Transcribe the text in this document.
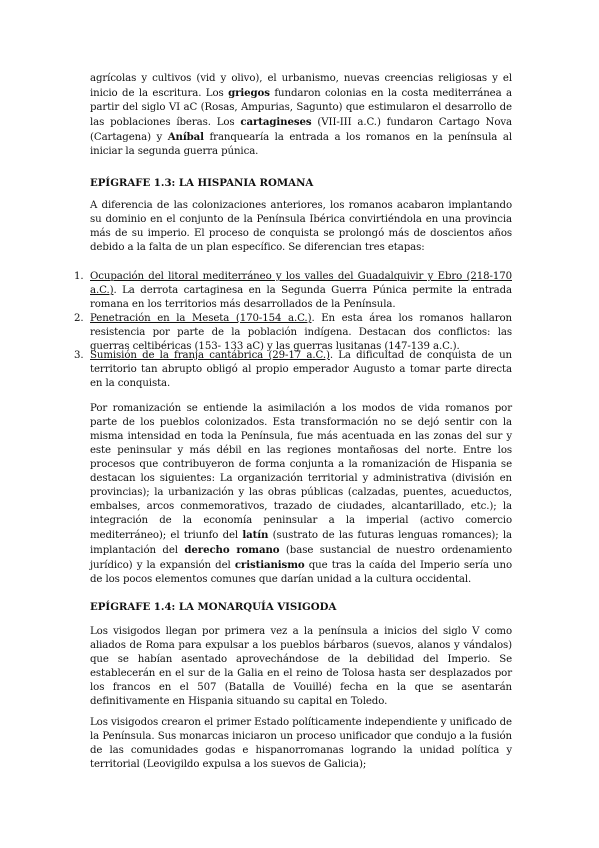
agrícolas y cultivos (vid y olivo), el urbanismo, nuevas creencias religiosas y el inicio de la escritura. Los griegos fundaron colonias en la costa mediterránea a partir del siglo VI aC (Rosas, Ampurias, Sagunto) que estimularon el desarrollo de las poblaciones íberas. Los cartagineses (VII-III a.C.) fundaron Cartago Nova (Cartagena) y Aníbal franquearía la entrada a los romanos en la península al iniciar la segunda guerra púnica.

EPÍGRAFE 1.3: LA HISPANIA ROMANA

A diferencia de las colonizaciones anteriores, los romanos acabaron implantando su dominio en el conjunto de la Península Ibérica convirtiéndola en una provincia más de su imperio. El proceso de conquista se prolongó más de doscientos años debido a la falta de un plan específico. Se diferencian tres etapas:

1. Ocupación del litoral mediterráneo y los valles del Guadalquivir y Ebro (218-170 a.C.). La derrota cartaginesa en la Segunda Guerra Púnica permite la entrada romana en los territorios más desarrollados de la Península.

2. Penetración en la Meseta (170-154 a.C.). En esta área los romanos hallaron resistencia por parte de la población indígena. Destacan dos conflictos: las guerras celtibéricas (153- 133 aC) y las guerras lusitanas (147-139 a.C.).

3. Sumisión de la franja cantábrica (29-17 a.C.). La dificultad de conquista de un territorio tan abrupto obligó al propio emperador Augusto a tomar parte directa en la conquista.

Por romanización se entiende la asimilación a los modos de vida romanos por parte de los pueblos colonizados. Esta transformación no se dejó sentir con la misma intensidad en toda la Península, fue más acentuada en las zonas del sur y este peninsular y más débil en las regiones montañosas del norte. Entre los procesos que contribuyeron de forma conjunta a la romanización de Hispania se destacan los siguientes: La organización territorial y administrativa (división en provincias); la urbanización y las obras públicas (calzadas, puentes, acueductos, embalses, arcos conmemorativos, trazado de ciudades, alcantarillado, etc.); la integración de la economía peninsular a la imperial (activo comercio mediterráneo); el triunfo del latín (sustrato de las futuras lenguas romances); la implantación del derecho romano (base sustancial de nuestro ordenamiento jurídico) y la expansión del cristianismo que tras la caída del Imperio sería uno de los pocos elementos comunes que darían unidad a la cultura occidental.

EPÍGRAFE 1.4: LA MONARQUÍA VISIGODA

Los visigodos llegan por primera vez a la península a inicios del siglo V como aliados de Roma para expulsar a los pueblos bárbaros (suevos, alanos y vándalos) que se habían asentado aprovechándose de la debilidad del Imperio. Se establecerán en el sur de la Galia en el reino de Tolosa hasta ser desplazados por los francos en el 507 (Batalla de Vouillé) fecha en la que se asentarán definitivamente en Hispania situando su capital en Toledo.

Los visigodos crearon el primer Estado políticamente independiente y unificado de la Península. Sus monarcas iniciaron un proceso unificador que condujo a la fusión de las comunidades godas e hispanorromanas logrando la unidad política y territorial (Leovigildo expulsa a los suevos de Galicia);
